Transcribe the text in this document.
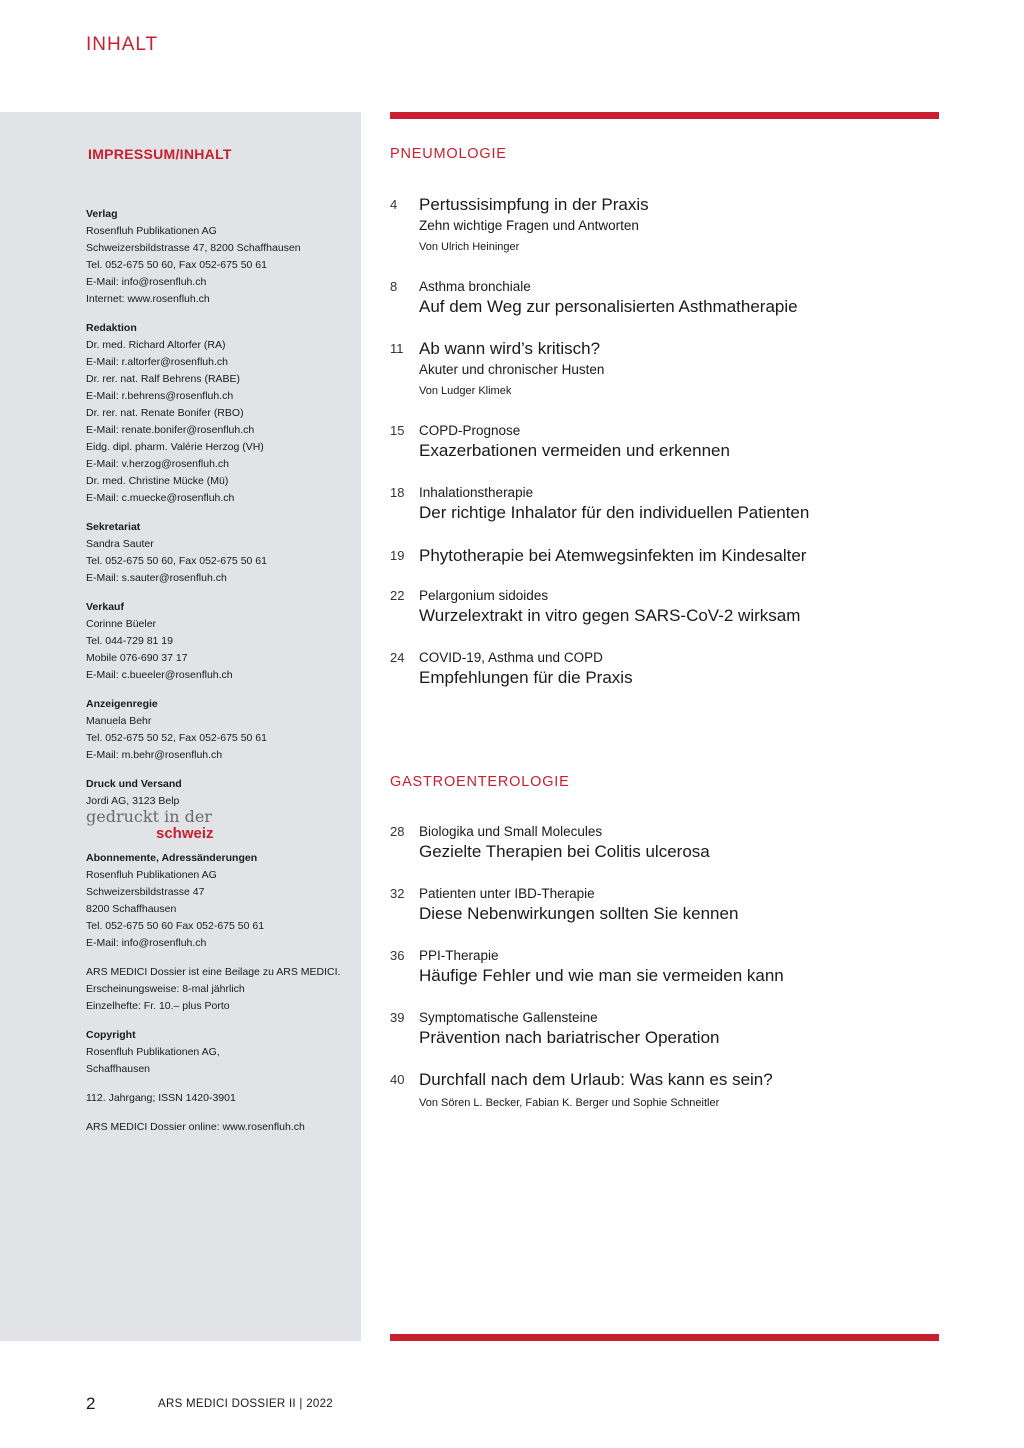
INHALT
IMPRESSUM/INHALT
Verlag
Rosenfluh Publikationen AG
Schweizersbildstrasse 47, 8200 Schaffhausen
Tel. 052-675 50 60, Fax 052-675 50 61
E-Mail: info@rosenfluh.ch
Internet: www.rosenfluh.ch
Redaktion
Dr. med. Richard Altorfer (RA)
E-Mail: r.altorfer@rosenfluh.ch
Dr. rer. nat. Ralf Behrens (RABE)
E-Mail: r.behrens@rosenfluh.ch
Dr. rer. nat. Renate Bonifer (RBO)
E-Mail: renate.bonifer@rosenfluh.ch
Eidg. dipl. pharm. Valérie Herzog (VH)
E-Mail: v.herzog@rosenfluh.ch
Dr. med. Christine Mücke (Mü)
E-Mail: c.muecke@rosenfluh.ch
Sekretariat
Sandra Sauter
Tel. 052-675 50 60, Fax 052-675 50 61
E-Mail: s.sauter@rosenfluh.ch
Verkauf
Corinne Büeler
Tel. 044-729 81 19
Mobile 076-690 37 17
E-Mail: c.bueeler@rosenfluh.ch
Anzeigenregie
Manuela Behr
Tel. 052-675 50 52, Fax 052-675 50 61
E-Mail: m.behr@rosenfluh.ch
Druck und Versand
Jordi AG, 3123 Belp
gedruckt in der
schweiz
Abonnemente, Adressänderungen
Rosenfluh Publikationen AG
Schweizersbildstrasse 47
8200 Schaffhausen
Tel. 052-675 50 60 Fax 052-675 50 61
E-Mail: info@rosenfluh.ch
ARS MEDICI Dossier ist eine Beilage zu ARS MEDICI.
Erscheinungsweise: 8-mal jährlich
Einzelhefte: Fr. 10.– plus Porto
Copyright
Rosenfluh Publikationen AG,
Schaffhausen
112. Jahrgang; ISSN 1420-3901
ARS MEDICI Dossier online: www.rosenfluh.ch
PNEUMOLOGIE
4	Pertussisimpfung in der Praxis
Zehn wichtige Fragen und Antworten
Von Ulrich Heininger
8	Asthma bronchiale
Auf dem Weg zur personalisierten Asthmatherapie
11 Ab wann wird’s kritisch?
Akuter und chronischer Husten
Von Ludger Klimek
15	COPD-Prognose
Exazerbationen vermeiden und erkennen
18	Inhalationstherapie
Der richtige Inhalator für den individuellen Patienten
19 Phytotherapie bei Atemwegsinfekten im Kindesalter
22	Pelargonium sidoides
Wurzelextrakt in vitro gegen SARS-CoV-2 wirksam
24	COVID-19, Asthma und COPD
Empfehlungen für die Praxis
GASTROENTEROLOGIE
28	Biologika und Small Molecules
Gezielte Therapien bei Colitis ulcerosa
32	Patienten unter IBD-Therapie
Diese Nebenwirkungen sollten Sie kennen
36	PPI-Therapie
Häufige Fehler und wie man sie vermeiden kann
39	Symptomatische Gallensteine
Prävention nach bariatrischer Operation
40 Durchfall nach dem Urlaub: Was kann es sein?
Von Sören L. Becker, Fabian K. Berger und Sophie Schneitler
2	ARS MEDICI DOSSIER II | 2022
